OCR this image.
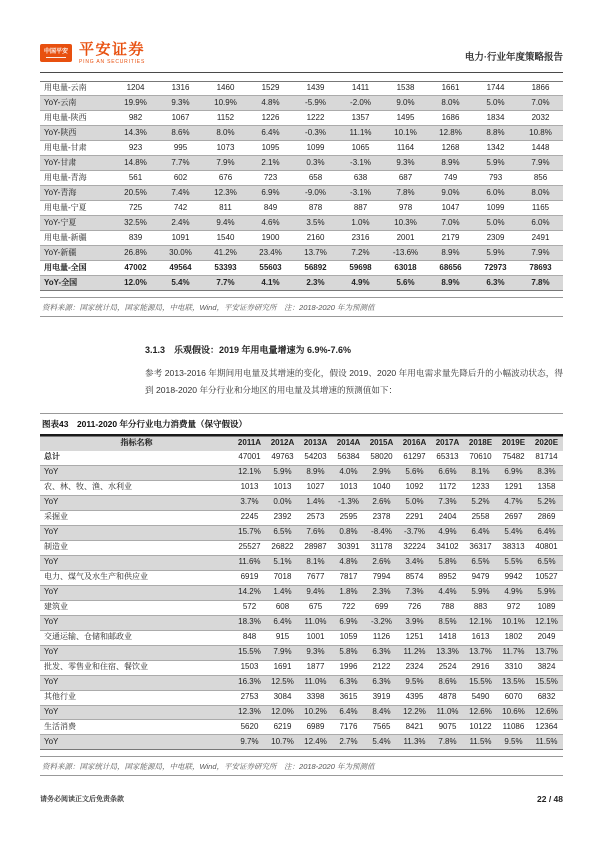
中国平安 平安证券
PING AN SECURITIES	电力·行业年度策略报告
用电量-云南	1204	1316	1460	1529	1439	1411	1538	1661	1744	1866
YoY-云南	19.9%	9.3%	10.9%	4.8%	-5.9%	-2.0%	9.0%	8.0%	5.0%	7.0%
用电量-陕西	982	1067	1152	1226	1222	1357	1495	1686	1834	2032
YoY-陕西	14.3%	8.6%	8.0%	6.4%	-0.3%	11.1%	10.1%	12.8%	8.8%	10.8%
用电量-甘肃	923	995	1073	1095	1099	1065	1164	1268	1342	1448
YoY-甘肃	14.8%	7.7%	7.9%	2.1%	0.3%	-3.1%	9.3%	8.9%	5.9%	7.9%
用电量-青海	561	602	676	723	658	638	687	749	793	856
YoY-青海	20.5%	7.4%	12.3%	6.9%	-9.0%	-3.1%	7.8%	9.0%	6.0%	8.0%
用电量-宁夏	725	742	811	849	878	887	978	1047	1099	1165
YoY-宁夏	32.5%	2.4%	9.4%	4.6%	3.5%	1.0%	10.3%	7.0%	5.0%	6.0%
用电量-新疆	839	1091	1540	1900	2160	2316	2001	2179	2309	2491
YoY-新疆	26.8%	30.0%	41.2%	23.4%	13.7%	7.2%	-13.6%	8.9%	5.9%	7.9%
用电量-全国	47002	49564	53393	55603	56892	59698	63018	68656	72973	78693
YoY-全国	12.0%	5.4%	7.7%	4.1%	2.3%	4.9%	5.6%	8.9%	6.3%	7.8%
资料来源：国家统计局，国家能源局，中电联，Wind，平安证券研究所　注：2018-2020 年为预测值
3.1.3　乐观假设：2019 年用电量增速为 6.9%-7.6%
参考 2013-2016 年期间用电量及其增速的变化，假设 2019、2020 年用电需求量先降后升的小幅波动状态，得到 2018-2020 年分行业和分地区的用电量及其增速的预测值如下：
图表43　2011-2020 年分行业电力消费量（保守假设）
指标名称	2011A	2012A	2013A	2014A	2015A	2016A	2017A	2018E	2019E	2020E
总计	47001	49763	54203	56384	58020	61297	65313	70610	75482	81714
YoY	12.1%	5.9%	8.9%	4.0%	2.9%	5.6%	6.6%	8.1%	6.9%	8.3%
农、林、牧、渔、水利业	1013	1013	1027	1013	1040	1092	1172	1233	1291	1358
YoY	3.7%	0.0%	1.4%	-1.3%	2.6%	5.0%	7.3%	5.2%	4.7%	5.2%
采掘业	2245	2392	2573	2595	2378	2291	2404	2558	2697	2869
YoY	15.7%	6.5%	7.6%	0.8%	-8.4%	-3.7%	4.9%	6.4%	5.4%	6.4%
制造业	25527	26822	28987	30391	31178	32224	34102	36317	38313	40801
YoY	11.6%	5.1%	8.1%	4.8%	2.6%	3.4%	5.8%	6.5%	5.5%	6.5%
电力、煤气及水生产和供应业	6919	7018	7677	7817	7994	8574	8952	9479	9942	10527
YoY	14.2%	1.4%	9.4%	1.8%	2.3%	7.3%	4.4%	5.9%	4.9%	5.9%
建筑业	572	608	675	722	699	726	788	883	972	1089
YoY	18.3%	6.4%	11.0%	6.9%	-3.2%	3.9%	8.5%	12.1%	10.1%	12.1%
交通运输、仓储和邮政业	848	915	1001	1059	1126	1251	1418	1613	1802	2049
YoY	15.5%	7.9%	9.3%	5.8%	6.3%	11.2%	13.3%	13.7%	11.7%	13.7%
批发、零售业和住宿、餐饮业	1503	1691	1877	1996	2122	2324	2524	2916	3310	3824
YoY	16.3%	12.5%	11.0%	6.3%	6.3%	9.5%	8.6%	15.5%	13.5%	15.5%
其他行业	2753	3084	3398	3615	3919	4395	4878	5490	6070	6832
YoY	12.3%	12.0%	10.2%	6.4%	8.4%	12.2%	11.0%	12.6%	10.6%	12.6%
生活消费	5620	6219	6989	7176	7565	8421	9075	10122	11086	12364
YoY	9.7%	10.7%	12.4%	2.7%	5.4%	11.3%	7.8%	11.5%	9.5%	11.5%
资料来源：国家统计局，国家能源局，中电联，Wind，平安证券研究所　注：2018-2020 年为预测值
请务必阅读正文后免责条款	22 / 48
